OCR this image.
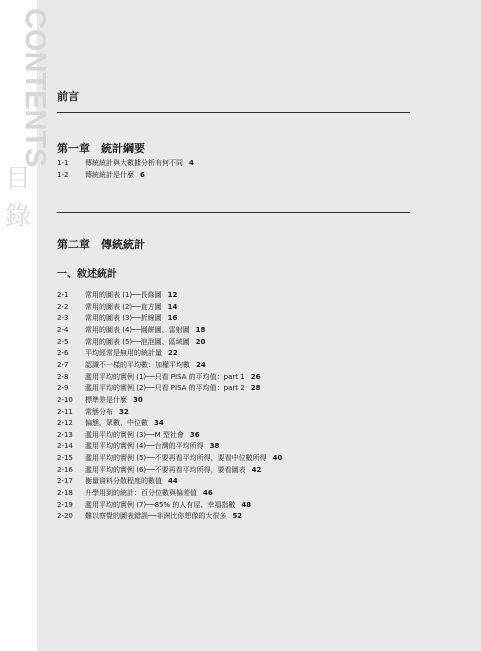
CONTENTS
目
錄
前言
第一章　統計綱要
1-1 傳統統計與大數據分析有何不同 4
1-2 傳統統計是什麼 6
第二章　傳統統計
一、敘述統計
2-1 常用的圖表 (1)──長條圖 12
2-2 常用的圖表 (2)──直方圖 14
2-3 常用的圖表 (3)──折線圖 16
2-4 常用的圖表 (4)──圓餅圖、雷射圖 18
2-5 常用的圖表 (5)──泡泡圖、區域圖 20
2-6 平均經常是無用的統計量 22
2-7 認識不一樣的平均數：加權平均數 24
2-8 濫用平均的實例 (1)──只看 PISA 的平均值：part 1 26
2-9 濫用平均的實例 (2)──只看 PISA 的平均值：part 2 28
2-10 標準差是什麼 30
2-11 常態分布 32
2-12 偏態、眾數、中位數 34
2-13 濫用平均的實例 (3)──M 型社會 36
2-14 濫用平均的實例 (4)──台灣的平均所得 38
2-15 濫用平均的實例 (5)──不要再看平均所得，要看中位數所得 40
2-16 濫用平均的實例 (6)──不要再看平均所得，要看圖表 42
2-17 衡量資料分散程度的數值 44
2-18 升學用到的統計：百分位數與偏差值 46
2-19 濫用平均的實例 (7)──85% 的人有屋、幸福指數 48
2-20 難以察覺的圖表錯誤──非洲比你想像的大很多 52
